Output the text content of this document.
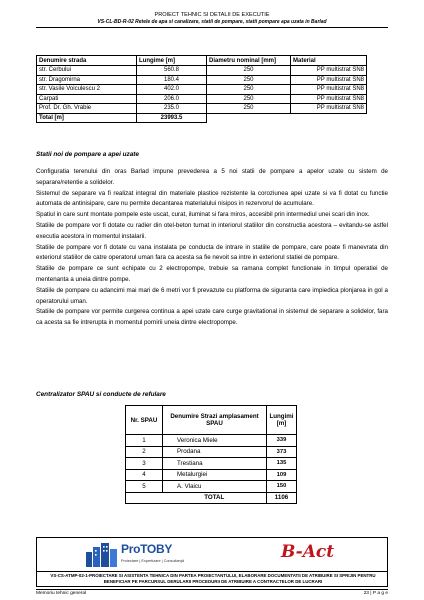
PROIECT TEHNIC SI DETALII DE EXECUTIE
VS-CL-BD-R-02 Retele de apa si canalizare, statii de pompare, statii pompare apa uzata in Barlad
Denumire strada	Lungime [m]	Diametru nominal [mm]	Material
str. Cerbului	560.8	250	PP multistrat SN8
str. Dragomirna	180.4	250	PP multistrat SN8
str. Vasile Voiculescu 2	402.0	250	PP multistrat SN8
Carpati	206.0	250	PP multistrat SN8
Prof. Dr. Gh. Vrabie	235.0	250	PP multistrat SN8
Total [m]	23993.5		
Statii noi de pompare a apei uzate

Configuratia terenului din oras Barlad impune prevederea a 5 noi statii de pompare a apelor uzate cu sistem de separare/retentie a solidelor.

Sistemul de separare va fi realizat integral din materiale plastice rezistente la coroziunea apei uzate si va fi dotat cu functie automata de antinisipare, care nu permite decantarea materialului nisipos in rezervorul de acumulare.

Spatiul in care sunt montate pompele este uscat, curat, iluminat si fara miros, accesibil prin intermediul unei scari din inox.

Statiile de pompare vor fi dotate cu radier din otel-beton turnat in interiorul statiilor din constructia acestora – evitandu-se astfel executia acestora in momentul instalarii.

Statiile de pompare vor fi dotate cu vana instalata pe conducta de intrare in statiile de pompare, care poate fi manevrata din exteriorul statiilor de catre operatorul uman fara ca acesta sa fie nevoit sa intre in exteriorul statiei de pompare.

Statiile de pompare ce sunt echipate cu 2 electropompe, trebuie sa ramana complet functionale in timpul operatiei de mentenanta a uneia dintre pompe.

Statiile de pompare cu adancimi mai mari de 6 metri vor fi prevazute cu platforma de siguranta care impiedica plonjarea in gol a operatorului uman.

Statiile de pompare vor permite curgerea continua a apei uzate care curge gravitational in sistemul de separare a solidelor, fara ca acesta sa fie intrerupta in momentul pornirii uneia dintre electropompe.

Centralizator SPAU si conducte de refulare
Nr. SPAU	Denumire Strazi amplasament SPAU	Lungimi [m]
1	Veronica Miele	339
2	Prodana	373
3	Trestiana	135
4	Metalurgiei	109
5	A. Vlaicu	150
	TOTAL	1106
ProTOBY
Proiectare | Expertizare | Consultanţă	B-Act
VS-CS-ATMP-02-1-PROIECTARE SI ASISTENTA TEHNICA DIN PARTEA PROIECTANTULUI, ELABORARE DOCUMENTATII DE ATRIBUIRE SI SPRIJIN PENTRU BENEFICIAR PE PARCURSUL DERULARII PROCEDURII DE ATRIBUIRE A CONTRACTELOR DE LUCRARI
Memoriu tehnic general	23 | P a g e
